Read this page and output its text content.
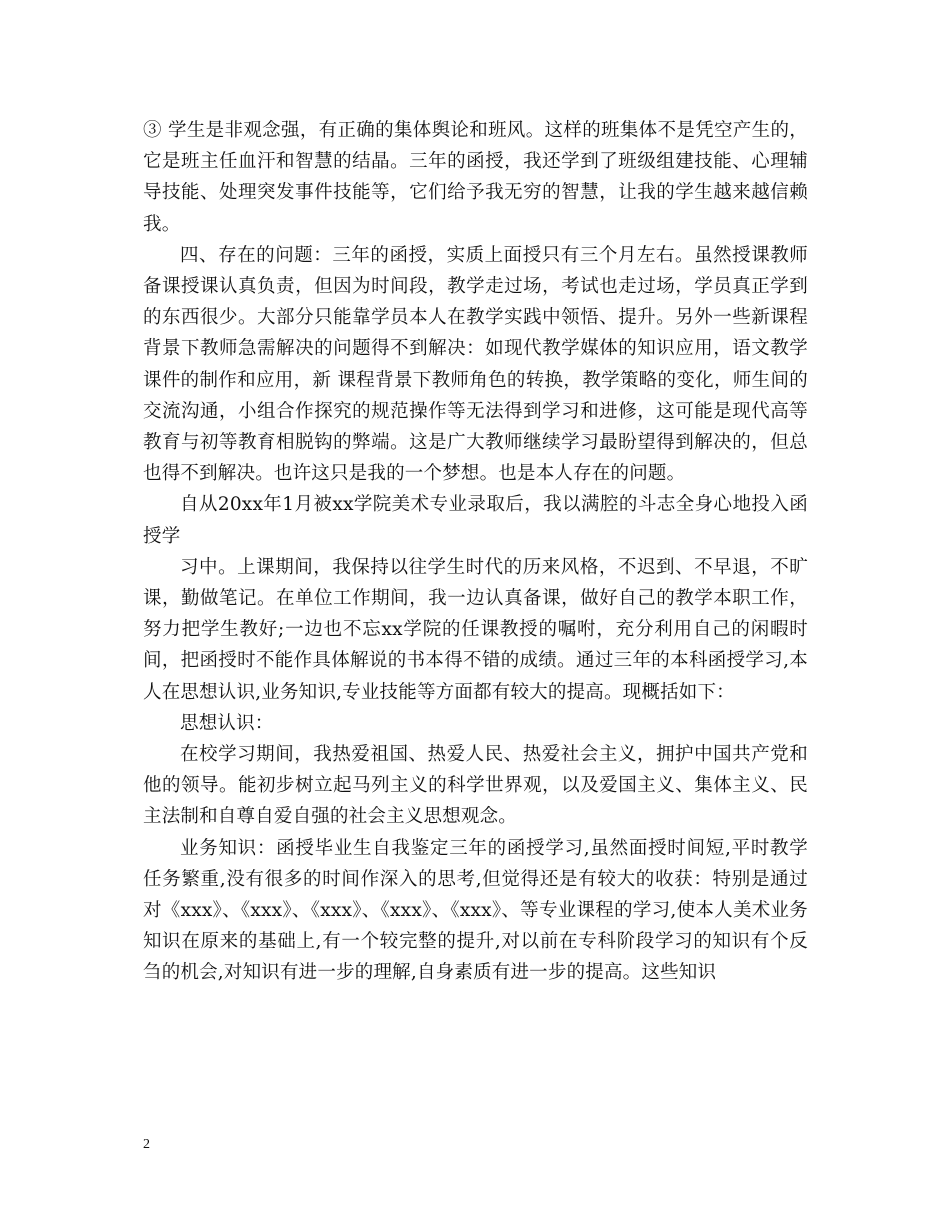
③ 学生是非观念强，有正确的集体舆论和班风。这样的班集体不是凭空产生的，它是班主任血汗和智慧的结晶。三年的函授，我还学到了班级组建技能、心理辅导技能、处理突发事件技能等，它们给予我无穷的智慧，让我的学生越来越信赖我。

四、存在的问题：三年的函授，实质上面授只有三个月左右。虽然授课教师备课授课认真负责，但因为时间段，教学走过场，考试也走过场，学员真正学到的东西很少。大部分只能靠学员本人在教学实践中领悟、提升。另外一些新课程背景下教师急需解决的问题得不到解决：如现代教学媒体的知识应用，语文教学课件的制作和应用，新 课程背景下教师角色的转换，教学策略的变化，师生间的交流沟通，小组合作探究的规范操作等无法得到学习和进修，这可能是现代高等教育与初等教育相脱钩的弊端。这是广大教师继续学习最盼望得到解决的，但总也得不到解决。也许这只是我的一个梦想。也是本人存在的问题。

自从20xx年1月被xx学院美术专业录取后，我以满腔的斗志全身心地投入函授学

习中。上课期间，我保持以往学生时代的历来风格，不迟到、不早退，不旷课，勤做笔记。在单位工作期间，我一边认真备课，做好自己的教学本职工作，努力把学生教好;一边也不忘xx学院的任课教授的嘱咐，充分利用自己的闲暇时间，把函授时不能作具体解说的书本得不错的成绩。通过三年的本科函授学习,本人在思想认识,业务知识,专业技能等方面都有较大的提高。现概括如下：

思想认识：

在校学习期间，我热爱祖国、热爱人民、热爱社会主义，拥护中国共产党和他的领导。能初步树立起马列主义的科学世界观，以及爱国主义、集体主义、民主法制和自尊自爱自强的社会主义思想观念。

业务知识：函授毕业生自我鉴定三年的函授学习,虽然面授时间短,平时教学任务繁重,没有很多的时间作深入的思考,但觉得还是有较大的收获：特别是通过对《xxx》、《xxx》、《xxx》、《xxx》、《xxx》、等专业课程的学习,使本人美术业务知识在原来的基础上,有一个较完整的提升,对以前在专科阶段学习的知识有个反刍的机会,对知识有进一步的理解,自身素质有进一步的提高。这些知识

2
